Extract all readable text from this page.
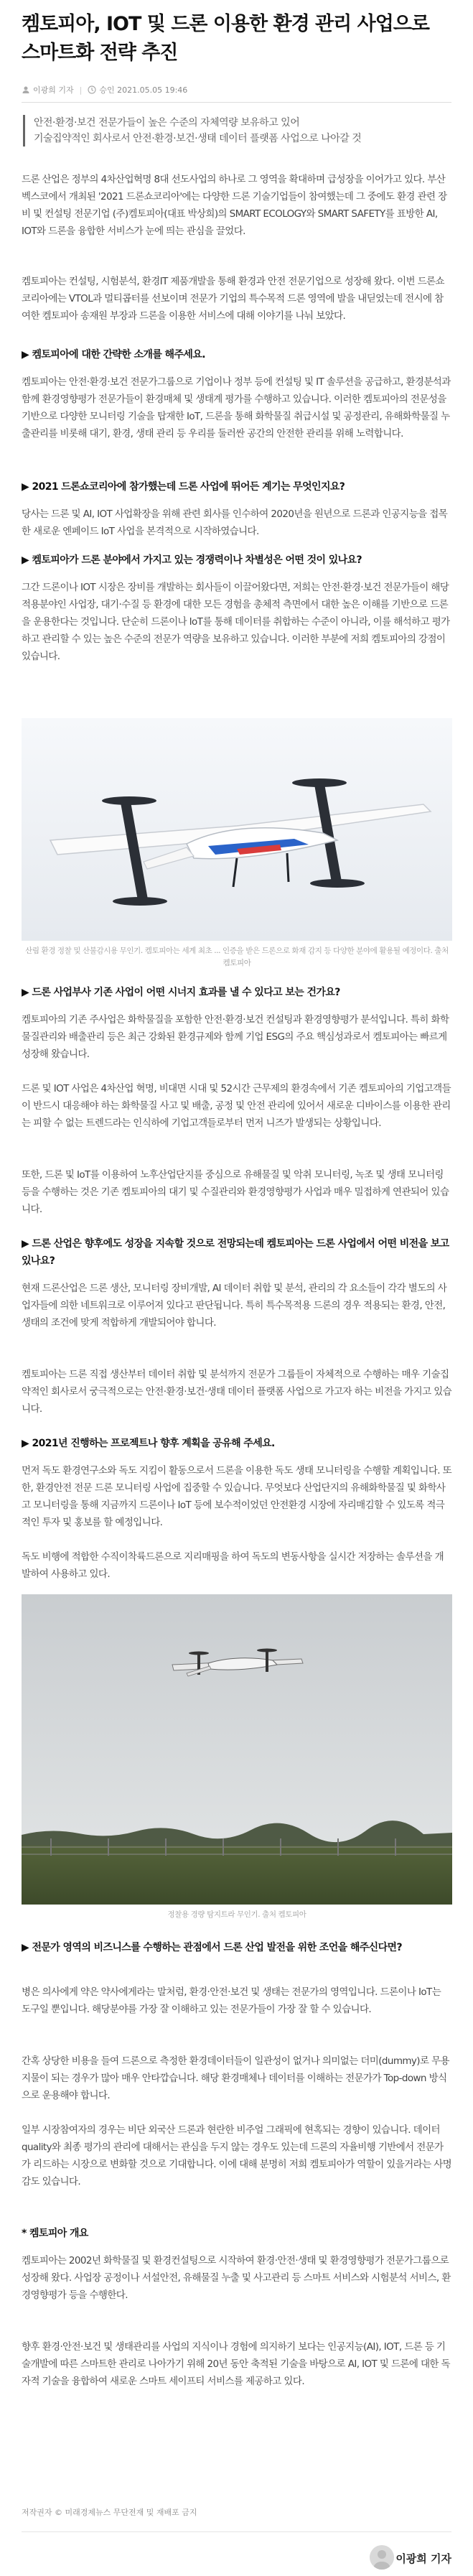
켐토피아, IOT 및 드론 이용한 환경 관리 사업으로 스마트화 전략 추진
이광희 기자 | 승인 2021.05.05 19:46
안전·환경·보건 전문가들이 높은 수준의 자체역량 보유하고 있어
기술집약적인 회사로서 안전·환경·보건·생태 데이터 플랫폼 사업으로 나아갈 것

드론 산업은 정부의 4차산업혁명 8대 선도사업의 하나로 그 영역을 확대하며 급성장을 이어가고 있다. 부산 벡스코에서 개최된 '2021 드론쇼코리아'에는 다양한 드론 기술기업들이 참여했는데 그 중에도 환경 관련 장비 및 컨설팅 전문기업 (주)켐토피아(대표 박상희)의 SMART ECOLOGY와 SMART SAFETY를 표방한 AI, IOT와 드론을 융합한 서비스가 눈에 띄는 관심을 끌었다.

켐토피아는 컨설팅, 시험분석, 환경IT 제품개발을 통해 환경과 안전 전문기업으로 성장해 왔다. 이번 드론쇼코리아에는 VTOL과 멀티콥터를 선보이며 전문가 기업의 특수목적 드론 영역에 발을 내딛었는데 전시에 참여한 켐토피아 송재원 부장과 드론을 이용한 서비스에 대해 이야기를 나눠 보았다.

▶ 켐토피아에 대한 간략한 소개를 해주세요.

켐토피아는 안전·환경·보건 전문가그룹으로 기업이나 정부 등에 컨설팅 및 IT 솔루션을 공급하고, 환경분석과 함께 환경영향평가 전문가들이 환경매체 및 생태계 평가를 수행하고 있습니다. 이러한 켐토피아의 전문성을 기반으로 다양한 모니터링 기술을 탑재한 IoT, 드론을 통해 화학물질 취급시설 및 공정관리, 유해화학물질 누출관리를 비롯해 대기, 환경, 생태 관리 등 우리를 둘러싼 공간의 안전한 관리를 위해 노력합니다.

▶ 2021 드론쇼코리아에 참가했는데 드론 사업에 뛰어든 계기는 무엇인지요?

당사는 드론 및 AI, IOT 사업확장을 위해 관련 회사를 인수하여 2020년을 원년으로 드론과 인공지능을 접목한 새로운 엔페이드 IoT 사업을 본격적으로 시작하였습니다.

▶ 켐토피아가 드론 분야에서 가지고 있는 경쟁력이나 차별성은 어떤 것이 있나요?

그간 드론이나 IOT 시장은 장비를 개발하는 회사들이 이끌어왔다면, 저희는 안전·환경·보건 전문가들이 해당 적용분야인 사업장, 대기·수질 등 환경에 대한 모든 경험을 총체적 측면에서 대한 높은 이해를 기반으로 드론을 운용한다는 것입니다. 단순히 드론이나 IoT를 통해 데이터를 취합하는 수준이 아니라, 이를 해석하고 평가하고 관리할 수 있는 높은 수준의 전문가 역량을 보유하고 있습니다. 이러한 부분에 저희 켐토피아의 강점이 있습니다.

산림 환경 정찰 및 산불감시용 무인기. 켐토피아는 세계 최초 ... 인증을 받은 드론으로 화재 감지 등 다양한 분야에 활용될 예정이다. 출처 켐토피아

▶ 드론 사업부사 기존 사업이 어떤 시너지 효과를 낼 수 있다고 보는 건가요?

켐토피아의 기존 주사업은 화학물질을 포함한 안전·환경·보건 컨설팅과 환경영향평가 분석입니다. 특히 화학물질관리와 배출관리 등은 최근 강화된 환경규제와 함께 기업 ESG의 주요 핵심성과로서 켐토피아는 빠르게 성장해 왔습니다.

드론 및 IOT 사업은 4차산업 혁명, 비대면 시대 및 52시간 근무제의 환경속에서 기존 켐토피아의 기업고객들이 반드시 대응해야 하는 화학물질 사고 및 배출, 공정 및 안전 관리에 있어서 새로운 디바이스를 이용한 관리는 피할 수 없는 트렌드라는 인식하에 기업고객들로부터 먼저 니즈가 발생되는 상황입니다.

또한, 드론 및 IoT를 이용하여 노후산업단지를 중심으로 유해물질 및 악취 모니터링, 녹조 및 생태 모니터링 등을 수행하는 것은 기존 켐토피아의 대기 및 수질관리와 환경영향평가 사업과 매우 밀접하게 연관되어 있습니다.

▶ 드론 산업은 향후에도 성장을 지속할 것으로 전망되는데 켐토피아는 드론 사업에서 어떤 비전을 보고 있나요?

현재 드론산업은 드론 생산, 모니터링 장비개발, AI 데이터 취합 및 분석, 관리의 각 요소들이 각각 별도의 사업자들에 의한 네트워크로 이루어져 있다고 판단됩니다. 특히 특수목적용 드론의 경우 적용되는 환경, 안전, 생태의 조건에 맞게 적합하게 개발되어야 합니다.

켐토피아는 드론 직접 생산부터 데이터 취합 및 분석까지 전문가 그룹들이 자체적으로 수행하는 매우 기술집약적인 회사로서 궁극적으로는 안전·환경·보건·생태 데이터 플랫폼 사업으로 가고자 하는 비전을 가지고 있습니다.

▶ 2021년 진행하는 프로젝트나 향후 계획을 공유해 주세요.

먼저 독도 환경연구소와 독도 지킴이 활동으로서 드론을 이용한 독도 생태 모니터링을 수행할 계획입니다. 또한, 환경안전 전문 드론 모니터링 사업에 집중할 수 있습니다. 무엇보다 산업단지의 유해화학물질 및 화학사고 모니터링을 통해 지금까지 드론이나 IoT 등에 보수적이었던 안전환경 시장에 자리매김할 수 있도록 적극적인 투자 및 홍보를 할 예정입니다.

독도 비행에 적합한 수직이착륙드론으로 지리매핑을 하여 독도의 변동사항을 실시간 저장하는 솔루션을 개발하여 사용하고 있다.

정찰용 경량 탐지트라 무인기. 출처 켐토피아

▶ 전문가 영역의 비즈니스를 수행하는 관점에서 드론 산업 발전을 위한 조언을 해주신다면?

병은 의사에게 약은 약사에게라는 말처럼, 환경·안전·보건 및 생태는 전문가의 영역입니다. 드론이나 IoT는 도구일 뿐입니다. 해당분야를 가장 잘 이해하고 있는 전문가들이 가장 잘 할 수 있습니다.

간혹 상당한 비용을 들여 드론으로 측정한 환경데이터들이 일관성이 없거나 의미없는 더미(dummy)로 무용지물이 되는 경우가 많아 매우 안타깝습니다. 해당 환경매체나 데이터를 이해하는 전문가가 Top-down 방식으로 운용해야 합니다.

일부 시장참여자의 경우는 비단 외국산 드론과 현란한 비주얼 그래픽에 현혹되는 경향이 있습니다. 데이터 quality와 최종 평가의 관리에 대해서는 관심을 두지 않는 경우도 있는데 드론의 자율비행 기반에서 전문가가 리드하는 시장으로 변화할 것으로 기대합니다. 이에 대해 분명히 저희 켐토피아가 역할이 있을거라는 사명감도 있습니다.

* 켐토피아 개요

켐토피아는 2002년 화학물질 및 환경컨설팅으로 시작하여 환경·안전·생태 및 환경영향평가 전문가그룹으로 성장해 왔다. 사업장 공정이나 서설안전, 유해물질 누출 및 사고관리 등 스마트 서비스와 시험분석 서비스, 환경영향평가 등을 수행한다.

향후 환경·안전·보건 및 생태관리를 사업의 지식이나 경험에 의지하기 보다는 인공지능(AI), IOT, 드론 등 기술개발에 따른 스마트한 관리로 나아가기 위해 20년 동안 축적된 기술을 바탕으로 AI, IOT 및 드론에 대한 독자적 기술을 융합하여 새로운 스마트 세이프티 서비스를 제공하고 있다.

저작권자 © 미래경제뉴스 무단전재 및 재배포 금지
이광희 기자
